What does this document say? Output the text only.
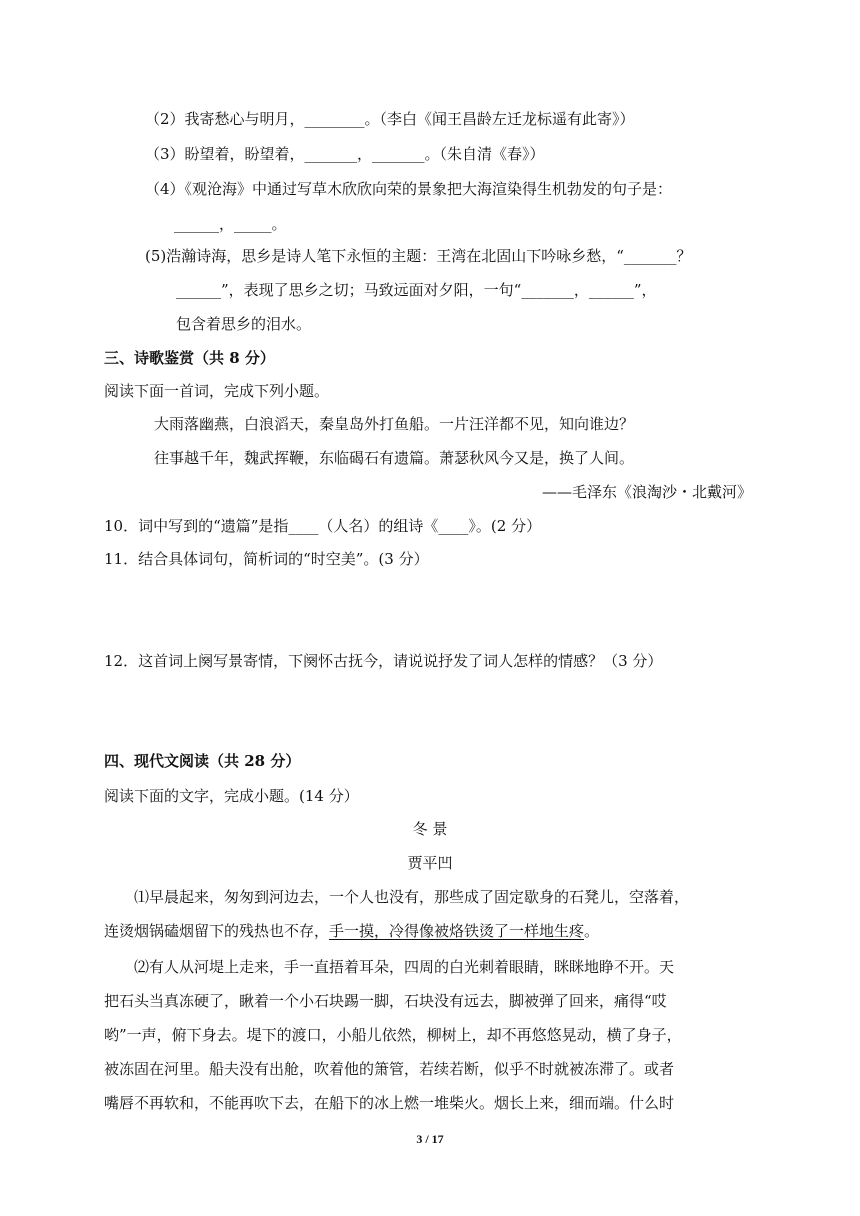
（2）我寄愁心与明月，________。（李白《闻王昌龄左迁龙标遥有此寄》）
（3）盼望着，盼望着，_______，_______。（朱自清《春》）
（4）《观沧海》中通过写草木欣欣向荣的景象把大海渲染得生机勃发的句子是：
______，_____。
(5)浩瀚诗海，思乡是诗人笔下永恒的主题：王湾在北固山下吟咏乡愁，“_______？
______”，表现了思乡之切；马致远面对夕阳，一句“_______，______”，
包含着思乡的泪水。
三、诗歌鉴赏（共 8 分）
阅读下面一首词，完成下列小题。
大雨落幽燕，白浪滔天，秦皇岛外打鱼船。一片汪洋都不见，知向谁边？
往事越千年，魏武挥鞭，东临碣石有遗篇。萧瑟秋风今又是，换了人间。
——毛泽东《浪淘沙・北戴河》
10．词中写到的“遗篇”是指____（人名）的组诗《____》。(2 分）
11．结合具体词句，简析词的“时空美”。(3 分）
12．这首词上阕写景寄情，下阕怀古抚今，请说说抒发了词人怎样的情感？（3 分）
四、现代文阅读（共 28 分）
阅读下面的文字，完成小题。(14 分）
冬 景
贾平凹
⑴早晨起来，匆匆到河边去，一个人也没有，那些成了固定歇身的石凳儿，空落着，
连烫烟锅磕烟留下的残热也不存，手一摸，冷得像被烙铁烫了一样地生疼。
⑵有人从河堤上走来，手一直捂着耳朵，四周的白光刺着眼睛，眯眯地睁不开。天
把石头当真冻硬了，瞅着一个小石块踢一脚，石块没有远去，脚被弹了回来，痛得“哎
哟”一声，俯下身去。堤下的渡口，小船儿依然，柳树上，却不再悠悠晃动，横了身子，
被冻固在河里。船夫没有出舱，吹着他的箫管，若续若断，似乎不时就被冻滞了。或者
嘴唇不再软和，不能再吹下去，在船下的冰上燃一堆柴火。烟长上来，细而端。什么时
3 / 17
